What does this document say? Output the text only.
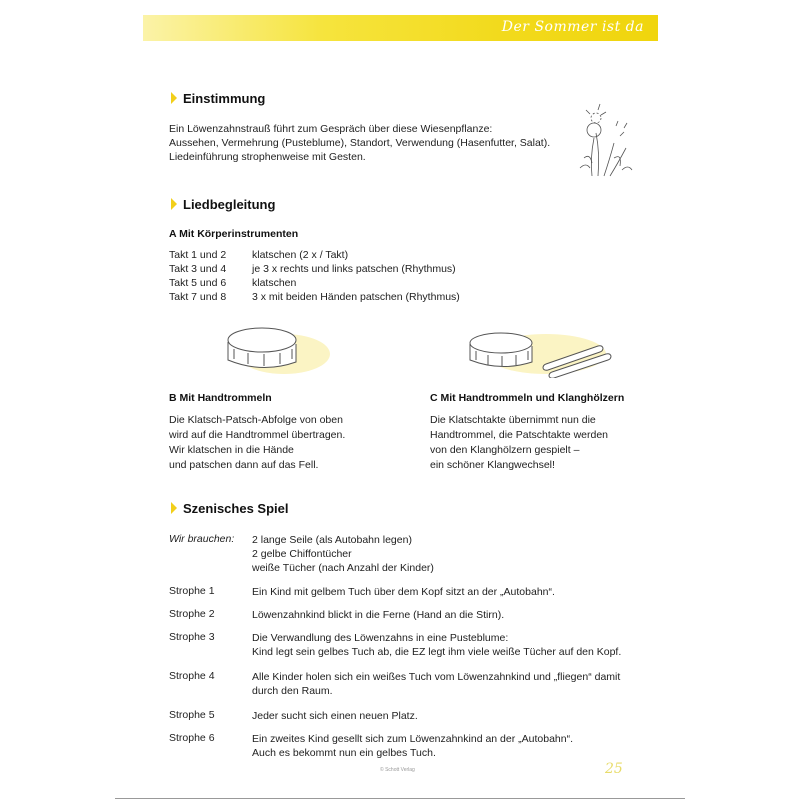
Der Sommer ist da
Einstimmung
Ein Löwenzahnstrauß führt zum Gespräch über diese Wiesenpflanze:
Aussehen, Vermehrung (Pusteblume), Standort, Verwendung (Hasenfutter, Salat).
Liedeinführung strophenweise mit Gesten.
Liedbegleitung
A Mit Körperinstrumenten
Takt 1 und 2 klatschen (2 x / Takt)
Takt 3 und 4 je 3 x rechts und links patschen (Rhythmus)
Takt 5 und 6 klatschen
Takt 7 und 8 3 x mit beiden Händen patschen (Rhythmus)
B Mit Handtrommeln
Die Klatsch-Patsch-Abfolge von oben
wird auf die Handtrommel übertragen.
Wir klatschen in die Hände
und patschen dann auf das Fell.
C Mit Handtrommeln und Klanghölzern
Die Klatschtakte übernimmt nun die
Handtrommel, die Patschtakte werden
von den Klanghölzern gespielt –
ein schöner Klangwechsel!
Szenisches Spiel
Wir brauchen: 2 lange Seile (als Autobahn legen)
2 gelbe Chiffontücher
weiße Tücher (nach Anzahl der Kinder)
Strophe 1	Ein Kind mit gelbem Tuch über dem Kopf sitzt an der „Autobahn“.
Strophe 2	Löwenzahnkind blickt in die Ferne (Hand an die Stirn).
Strophe 3	Die Verwandlung des Löwenzahns in eine Pusteblume:
Kind legt sein gelbes Tuch ab, die EZ legt ihm viele weiße Tücher auf den Kopf.
Strophe 4	Alle Kinder holen sich ein weißes Tuch vom Löwenzahnkind und „fliegen“ damit
durch den Raum.
Strophe 5	Jeder sucht sich einen neuen Platz.
Strophe 6	Ein zweites Kind gesellt sich zum Löwenzahnkind an der „Autobahn“.
Auch es bekommt nun ein gelbes Tuch.
© Schott Verlag	25
